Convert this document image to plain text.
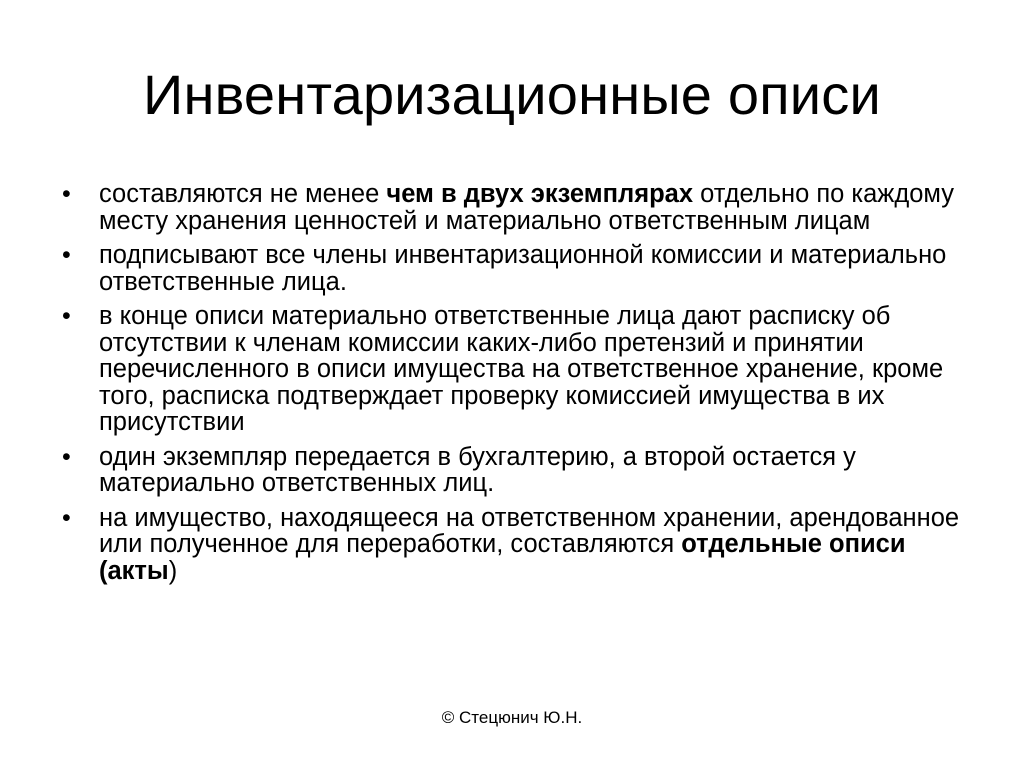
Инвентаризационные описи
•	составляются не менее чем в двух экземплярах отдельно по каждому месту хранения ценностей и материально ответственным лицам
•	подписывают все члены инвентаризационной комиссии и материально ответственные лица.
•	в конце описи материально ответственные лица дают расписку об отсутствии к членам комиссии каких-либо претензий и принятии перечисленного в описи имущества на ответственное хранение, кроме того, расписка подтверждает проверку комиссией имущества в их присутствии
•	один экземпляр передается в бухгалтерию, а второй остается у материально ответственных лиц.
•	на имущество, находящееся на ответственном хранении, арендованное или полученное для переработки, составляются отдельные описи (акты)
© Стецюнич Ю.Н.
